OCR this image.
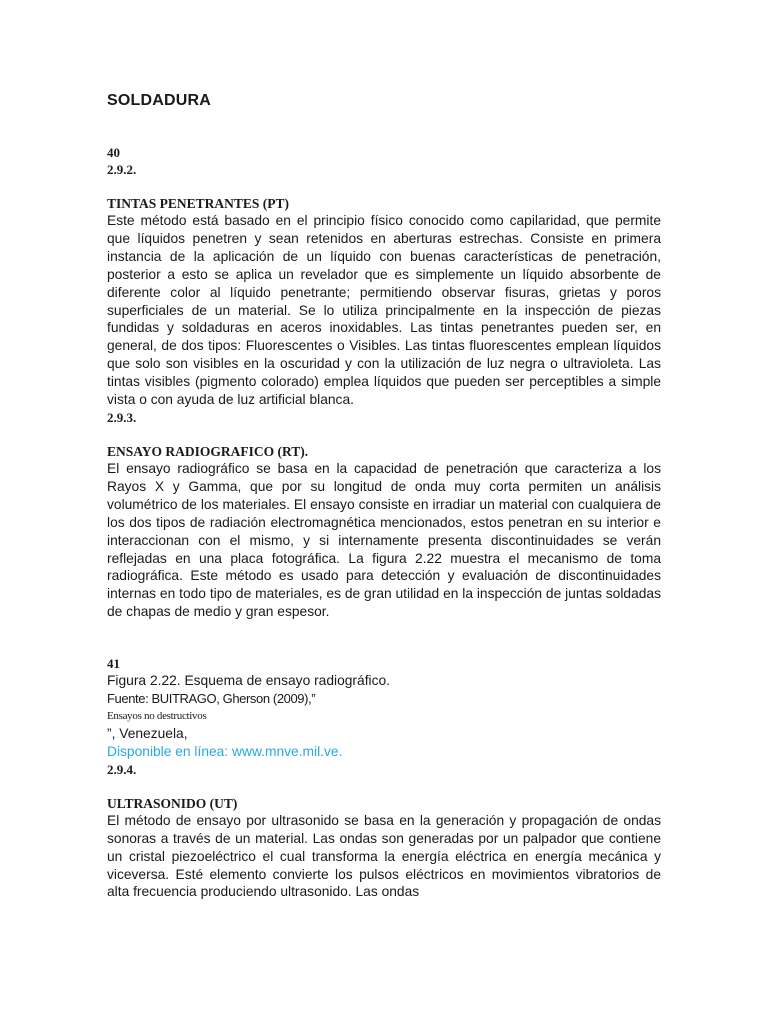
SOLDADURA
40
2.9.2.
TINTAS PENETRANTES (PT)

Este método está basado en el principio físico conocido como capilaridad, que permite que líquidos penetren y sean retenidos en aberturas estrechas. Consiste en primera instancia de la aplicación de un líquido con buenas características de penetración, posterior a esto se aplica un revelador que es simplemente un líquido absorbente de diferente color al líquido penetrante; permitiendo observar fisuras, grietas y poros superficiales de un material. Se lo utiliza principalmente en la inspección de piezas fundidas y soldaduras en aceros inoxidables. Las tintas penetrantes pueden ser, en general, de dos tipos: Fluorescentes o Visibles. Las tintas fluorescentes emplean líquidos que solo son visibles en la oscuridad y con la utilización de luz negra o ultravioleta. Las tintas visibles (pigmento colorado) emplea líquidos que pueden ser perceptibles a simple vista o con ayuda de luz artificial blanca.

2.9.3.
ENSAYO RADIOGRAFICO (RT).

El ensayo radiográfico se basa en la capacidad de penetración que caracteriza a los Rayos X y Gamma, que por su longitud de onda muy corta permiten un análisis volumétrico de los materiales. El ensayo consiste en irradiar un material con cualquiera de los dos tipos de radiación electromagnética mencionados, estos penetran en su interior e interaccionan con el mismo, y si internamente presenta discontinuidades se verán reflejadas en una placa fotográfica. La figura 2.22 muestra el mecanismo de toma radiográfica. Este método es usado para detección y evaluación de discontinuidades internas en todo tipo de materiales, es de gran utilidad en la inspección de juntas soldadas de chapas de medio y gran espesor.

41
Figura 2.22. Esquema de ensayo radiográfico.
Fuente: BUITRAGO, Gherson (2009),”
Ensayos no destructivos
”, Venezuela,
Disponible en línea: www.mnve.mil.ve.
2.9.4.
ULTRASONIDO (UT)

El método de ensayo por ultrasonido se basa en la generación y propagación de ondas sonoras a través de un material. Las ondas son generadas por un palpador que contiene un cristal piezoeléctrico el cual transforma la energía eléctrica en energía mecánica y viceversa. Esté elemento convierte los pulsos eléctricos en movimientos vibratorios de alta frecuencia produciendo ultrasonido. Las ondas
